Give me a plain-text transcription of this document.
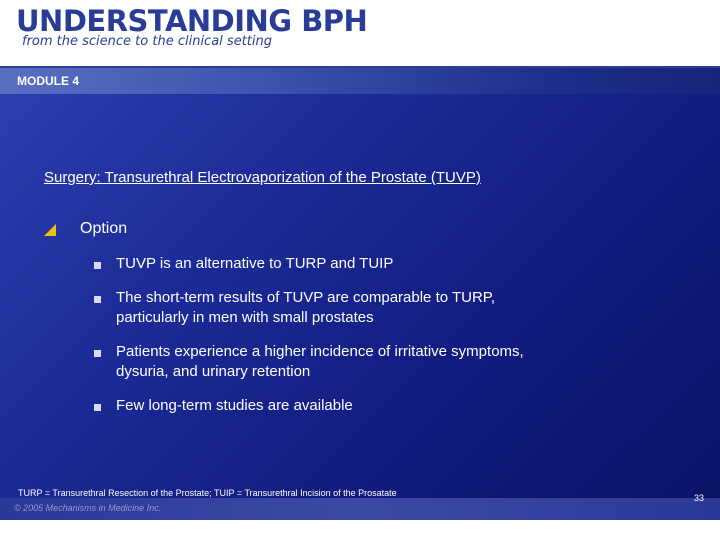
UNDERSTANDING BPH
from the science to the clinical setting
MODULE 4
Surgery: Transurethral Electrovaporization of the Prostate (TUVP)
Option
TUVP is an alternative to TURP and TUIP
The short-term results of TUVP are comparable to TURP,
particularly in men with small prostates
Patients experience a higher incidence of irritative symptoms,
dysuria, and urinary retention
Few long-term studies are available
TURP = Transurethral Resection of the Prostate; TUIP = Transurethral Incision of the Prosatate	33
© 2005 Mechanisms in Medicine Inc.
